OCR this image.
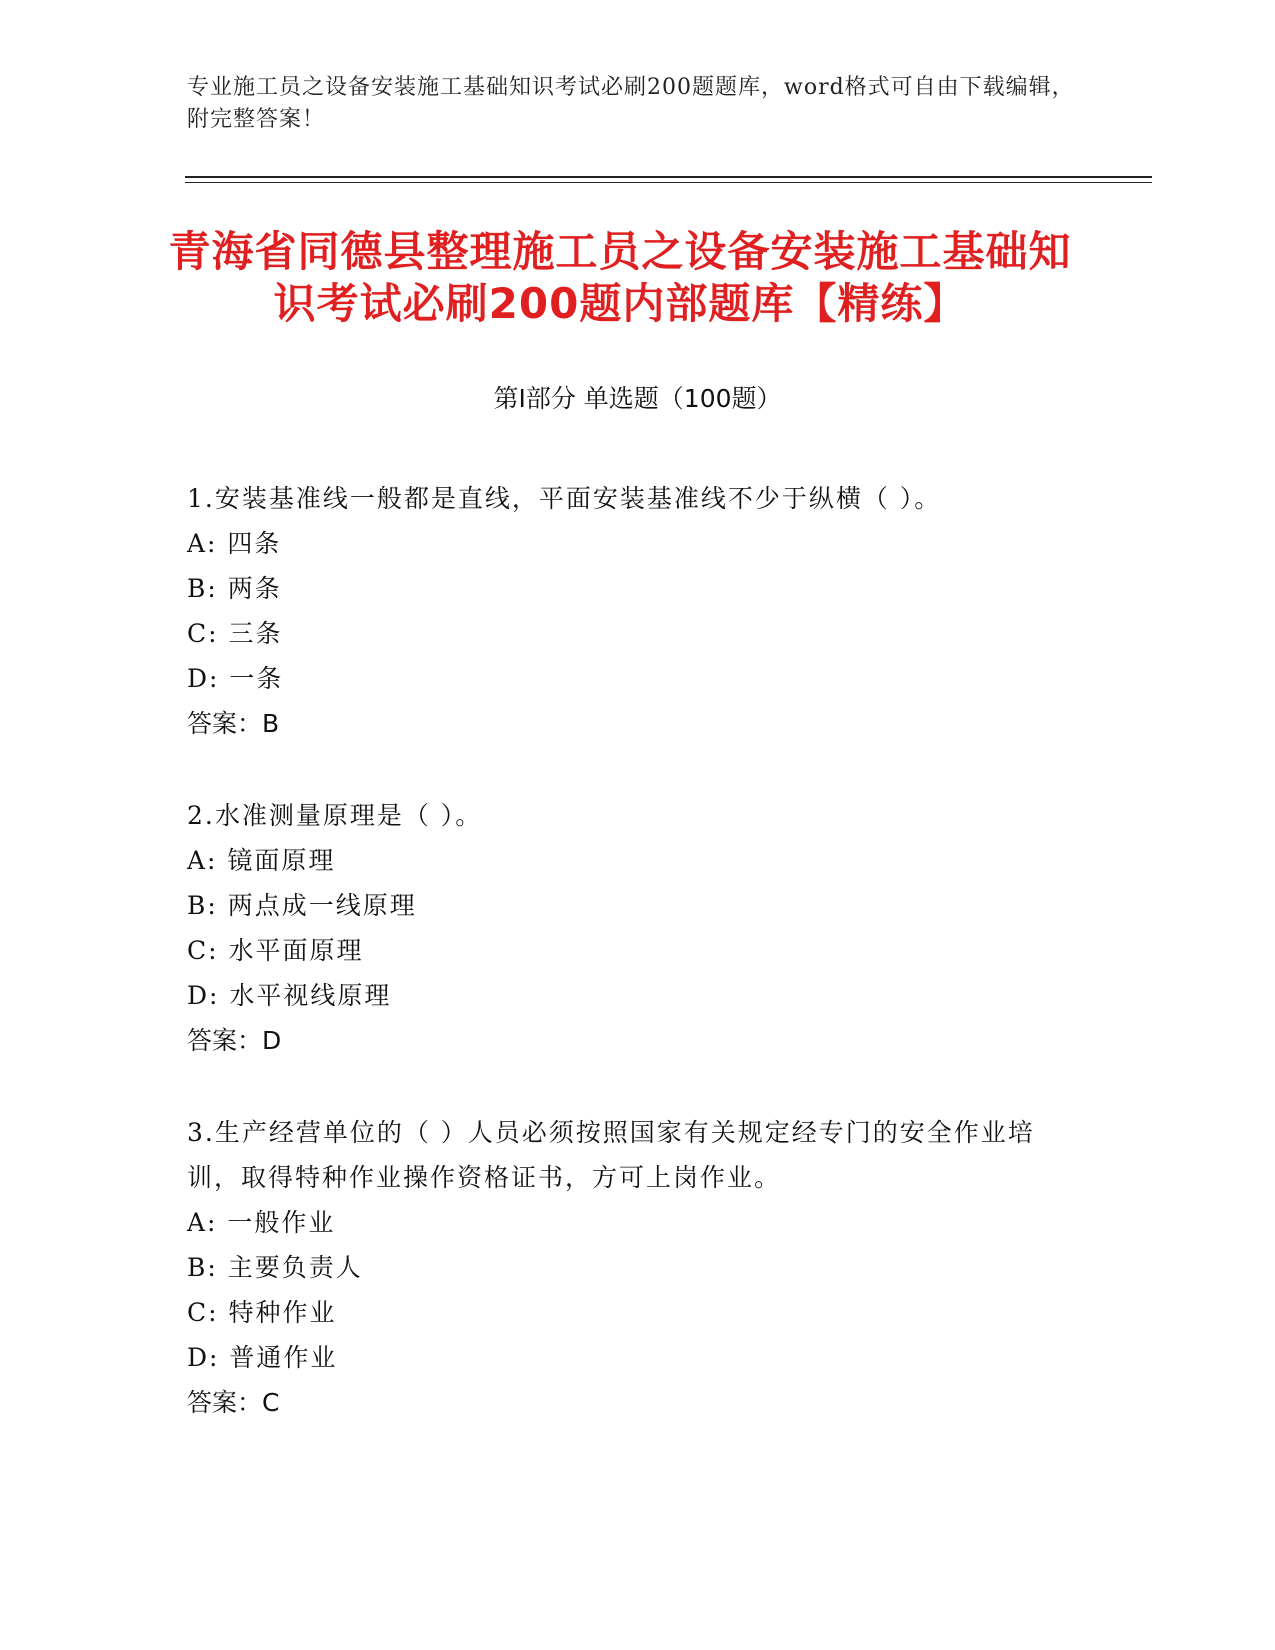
专业施工员之设备安装施工基础知识考试必刷200题题库，word格式可自由下载编辑，附完整答案！
青海省同德县整理施工员之设备安装施工基础知识考试必刷200题内部题库【精练】
第Ⅰ部分 单选题（100题）

1.安装基准线一般都是直线，平面安装基准线不少于纵横（ ）。

A: 四条

B: 两条

C: 三条

D: 一条

答案：B

2.水准测量原理是（ ）。

A: 镜面原理

B: 两点成一线原理

C: 水平面原理

D: 水平视线原理

答案：D

3.生产经营单位的（ ）人员必须按照国家有关规定经专门的安全作业培训，取得特种作业操作资格证书，方可上岗作业。

A: 一般作业

B: 主要负责人

C: 特种作业

D: 普通作业

答案：C
